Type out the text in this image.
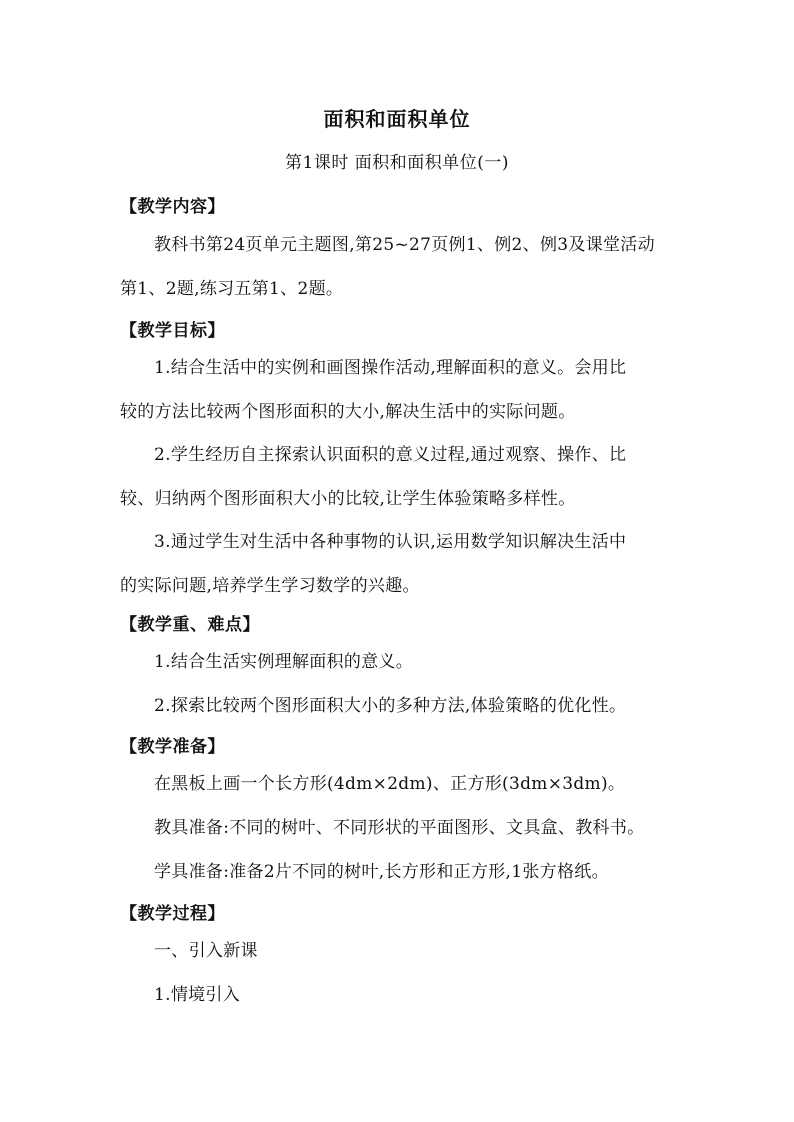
面积和面积单位
第1课时 面积和面积单位(一)
【教学内容】
教科书第24页单元主题图,第25~27页例1、例2、例3及课堂活动
第1、2题,练习五第1、2题。
【教学目标】
1.结合生活中的实例和画图操作活动,理解面积的意义。会用比
较的方法比较两个图形面积的大小,解决生活中的实际问题。
2.学生经历自主探索认识面积的意义过程,通过观察、操作、比
较、归纳两个图形面积大小的比较,让学生体验策略多样性。
3.通过学生对生活中各种事物的认识,运用数学知识解决生活中
的实际问题,培养学生学习数学的兴趣。
【教学重、难点】
1.结合生活实例理解面积的意义。
2.探索比较两个图形面积大小的多种方法,体验策略的优化性。
【教学准备】
在黑板上画一个长方形(4dm×2dm)、正方形(3dm×3dm)。
教具准备:不同的树叶、不同形状的平面图形、文具盒、教科书。
学具准备:准备2片不同的树叶,长方形和正方形,1张方格纸。
【教学过程】
一、引入新课
1.情境引入
